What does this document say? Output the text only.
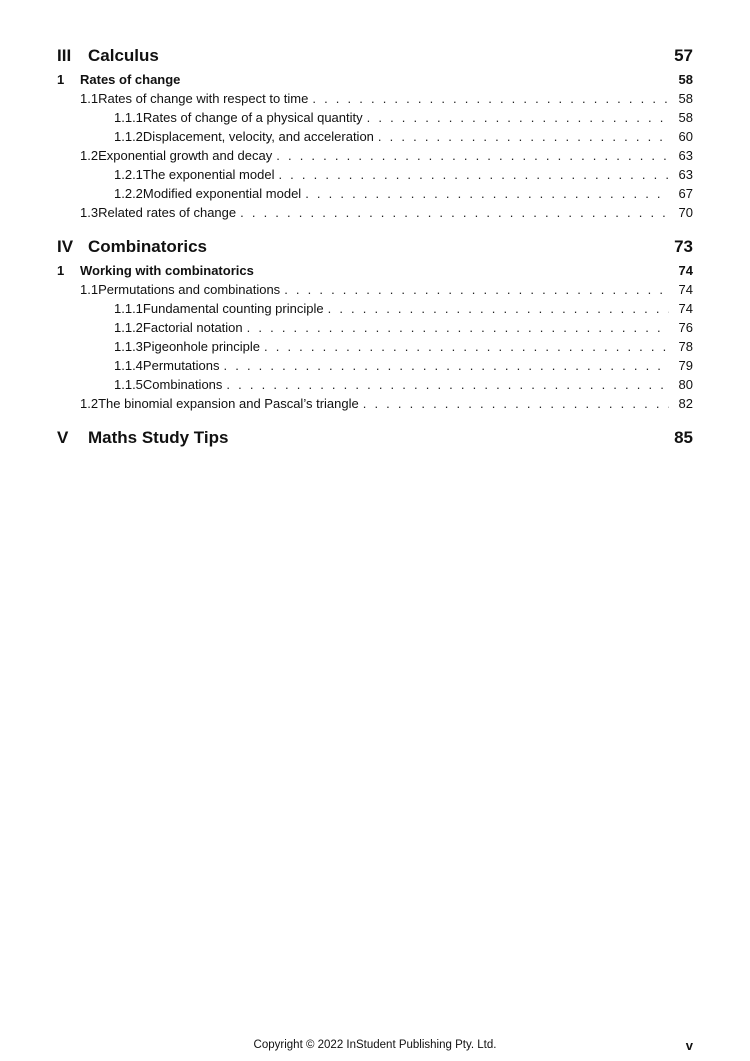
III Calculus	57
1	Rates of change	58
1.1 Rates of change with respect to time . . .	58
1.1.1 Rates of change of a physical quantity . . .	58
1.1.2 Displacement, velocity, and acceleration . . .	60
1.2 Exponential growth and decay . . .	63
1.2.1 The exponential model . . .	63
1.2.2 Modified exponential model . . .	67
1.3 Related rates of change . . .	70
IV Combinatorics	73
1	Working with combinatorics	74
1.1 Permutations and combinations . . .	74
1.1.1 Fundamental counting principle . . .	74
1.1.2 Factorial notation . . .	76
1.1.3 Pigeonhole principle . . .	78
1.1.4 Permutations . . .	79
1.1.5 Combinations . . .	80
1.2 The binomial expansion and Pascal’s triangle . . .	82
V	Maths Study Tips	85
Copyright © 2022 InStudent Publishing Pty. Ltd.	v
